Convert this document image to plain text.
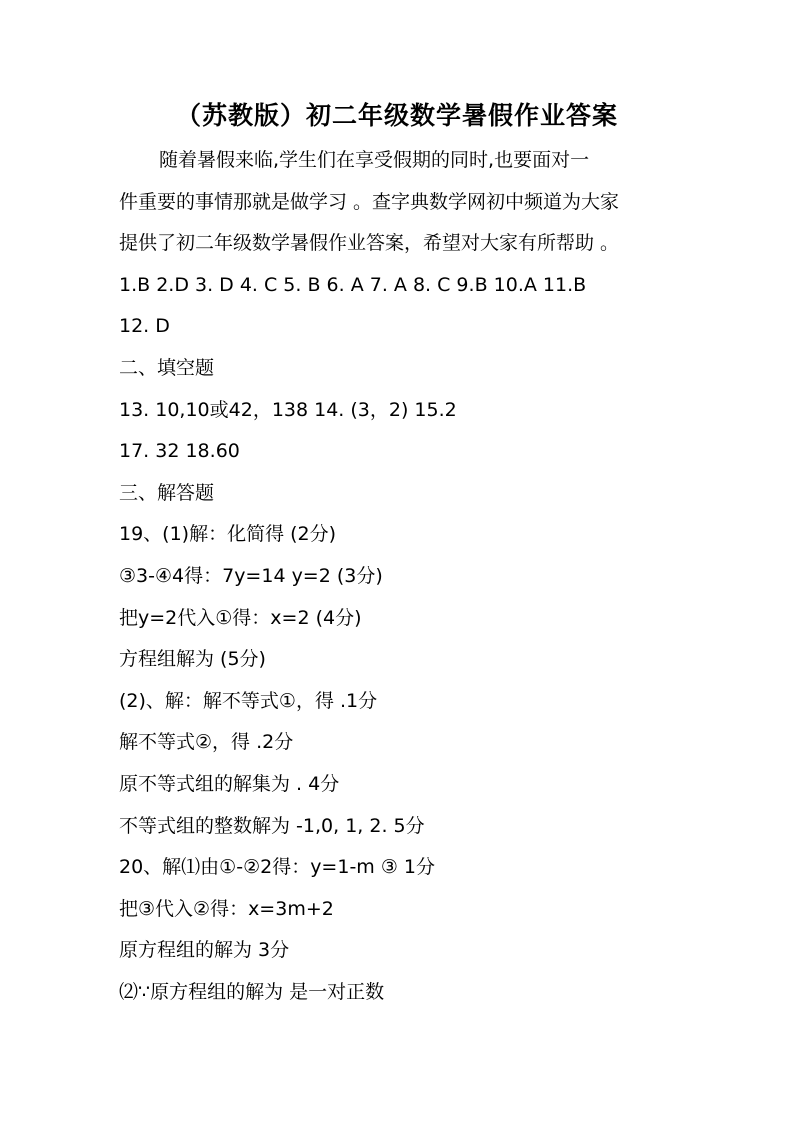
（苏教版）初二年级数学暑假作业答案
随着暑假来临,学生们在享受假期的同时,也要面对一
件重要的事情那就是做学习 。查字典数学网初中频道为大家
提供了初二年级数学暑假作业答案，希望对大家有所帮助 。
1.B 2.D 3. D 4. C 5. B 6. A 7. A 8. C 9.B 10.A 11.B
12. D
二、填空题
13. 10,10或42，138 14. (3，2) 15.2
17. 32 18.60
三、解答题
19、(1)解：化简得 (2分)
③3-④4得：7y=14 y=2 (3分)
把y=2代入①得：x=2 (4分)
方程组解为 (5分)
(2)、解：解不等式①，得 .1分
解不等式②，得 .2分
原不等式组的解集为 . 4分
不等式组的整数解为 -1,0, 1, 2. 5分
20、解⑴由①-②2得：y=1-m ③ 1分
把③代入②得：x=3m+2
原方程组的解为 3分
⑵∵原方程组的解为 是一对正数
